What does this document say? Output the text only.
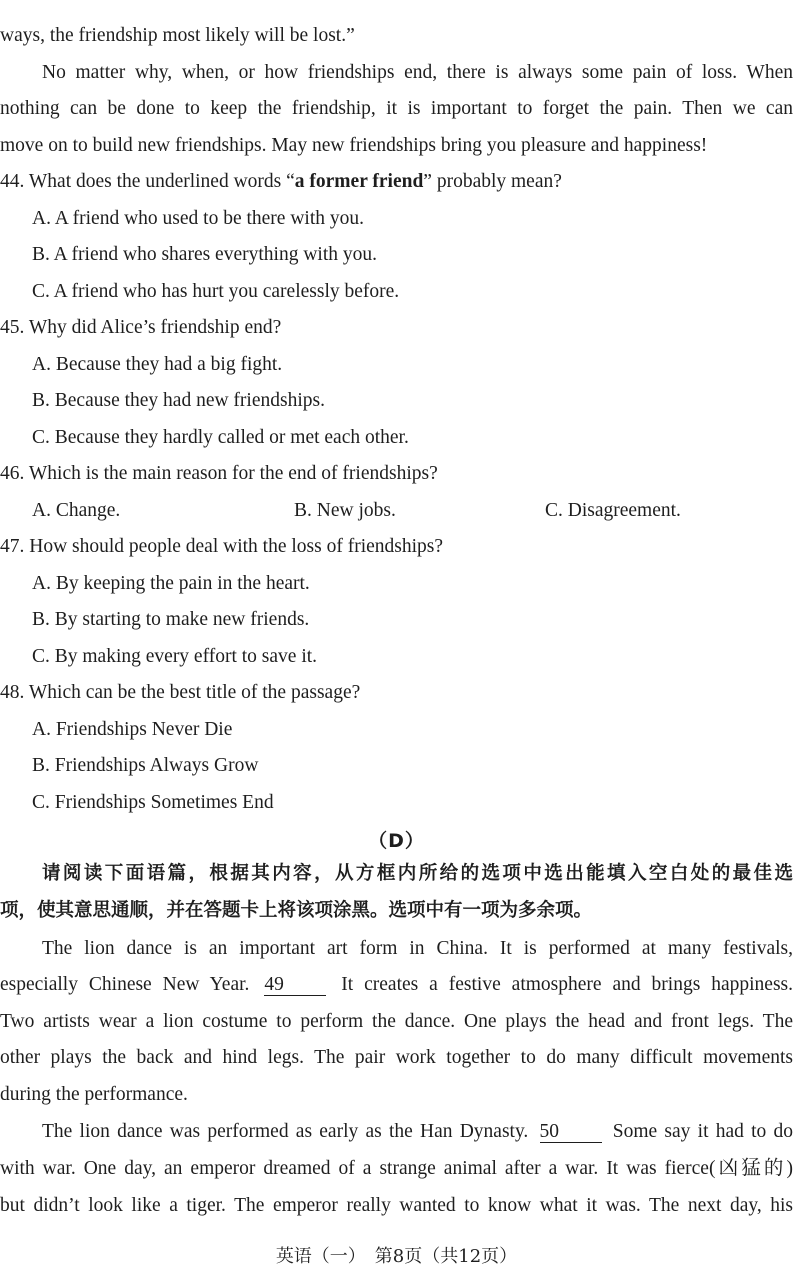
ways, the friendship most likely will be lost.”
No matter why, when, or how friendships end, there is always some pain of loss. When
nothing can be done to keep the friendship, it is important to forget the pain. Then we can
move on to build new friendships. May new friendships bring you pleasure and happiness!
44. What does the underlined words “a former friend” probably mean?
A. A friend who used to be there with you.
B. A friend who shares everything with you.
C. A friend who has hurt you carelessly before.
45. Why did Alice’s friendship end?
A. Because they had a big fight.
B. Because they had new friendships.
C. Because they hardly called or met each other.
46. Which is the main reason for the end of friendships?
A. Change.	B. New jobs.	C. Disagreement.
47. How should people deal with the loss of friendships?
A. By keeping the pain in the heart.
B. By starting to make new friends.
C. By making every effort to save it.
48. Which can be the best title of the passage?
A. Friendships Never Die
B. Friendships Always Grow
C. Friendships Sometimes End
（D）
请阅读下面语篇，根据其内容，从方框内所给的选项中选出能填入空白处的最佳选
项，使其意思通顺，并在答题卡上将该项涂黑。选项中有一项为多余项。
The lion dance is an important art form in China. It is performed at many festivals,
especially Chinese New Year. 49	It creates a festive atmosphere and brings happiness.
Two artists wear a lion costume to perform the dance. One plays the head and front legs. The
other plays the back and hind legs. The pair work together to do many difficult movements
during the performance.
The lion dance was performed as early as the Han Dynasty. 50	Some say it had to do
with war. One day, an emperor dreamed of a strange animal after a war. It was fierce(凶猛的)
but didn’t look like a tiger. The emperor really wanted to know what it was. The next day, his
英语（一）　第8页（共12页）
